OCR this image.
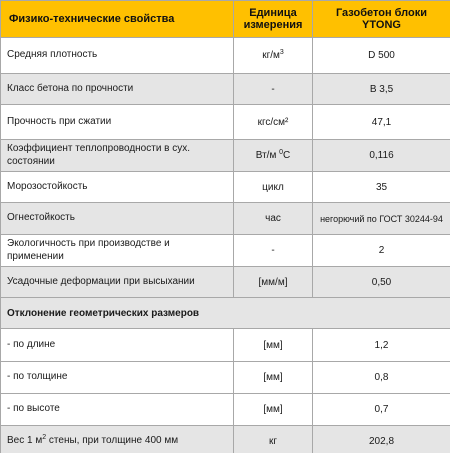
Физико-технические свойства	Единица измерения	Газобетон блоки YTONG
Средняя плотность	$кг/м^3$	D 500
Класс бетона по прочности	-	B 3,5
Прочность при сжатии	кгс/см²	47,1
Коэффициент теплопроводности в сух. состоянии	Вт/м $^0$С	0,116
Морозостойкость	цикл	35
Огнестойкость	час	негорючий по ГОСТ 30244-94
Экологичность при производстве и применении	-	2
Усадочные деформации при высыхании	[мм/м]	0,50
Отклонение геометрических размеров		
- по длине	[мм]	1,2
- по толщине	[мм]	0,8
- по высоте	[мм]	0,7
Вес 1 $м^2$ стены, при толщине 400 мм	кг	202,8
